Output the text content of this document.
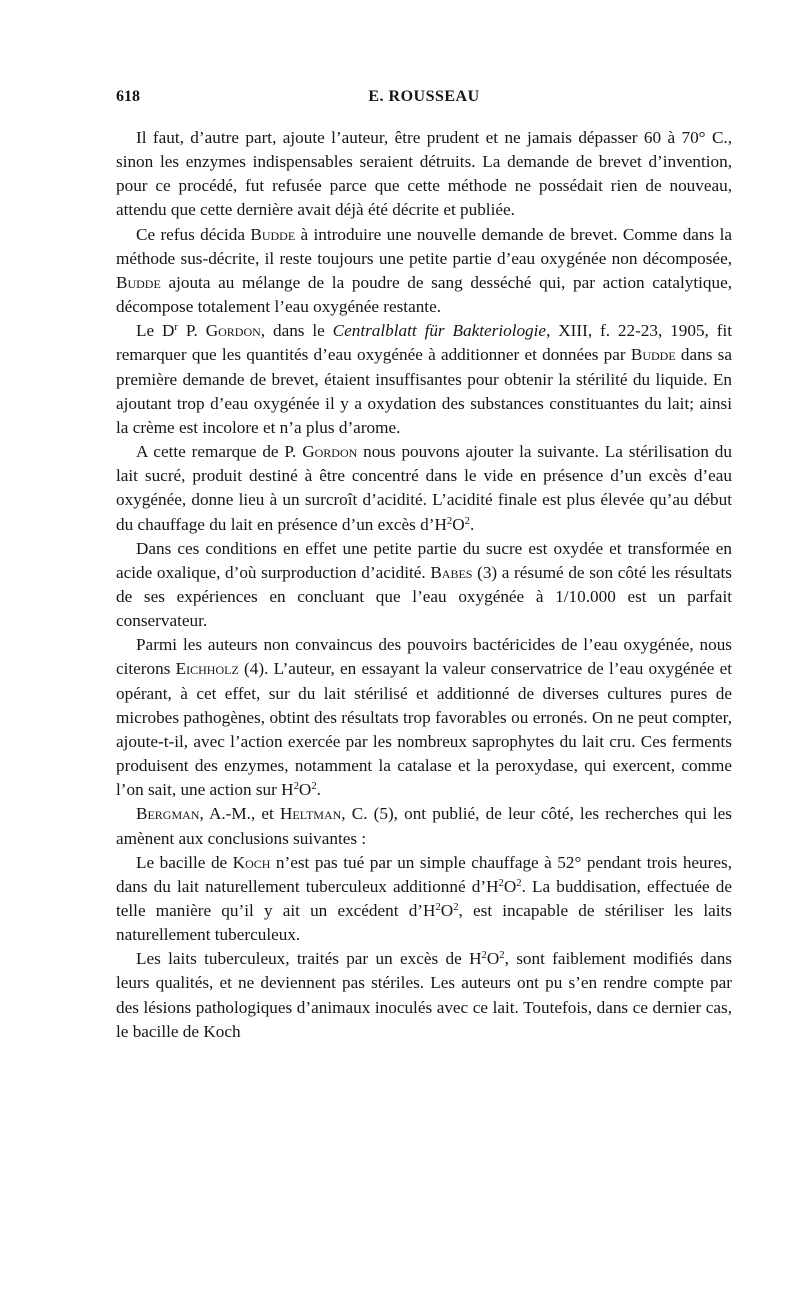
618	E. ROUSSEAU

Il faut, d’autre part, ajoute l’auteur, être prudent et ne jamais dépasser 60 à 70° C., sinon les enzymes indispensables seraient détruits. La demande de brevet d’invention, pour ce procédé, fut refusée parce que cette méthode ne possédait rien de nouveau, attendu que cette dernière avait déjà été décrite et publiée.

Ce refus décida Budde à introduire une nouvelle demande de brevet. Comme dans la méthode sus-décrite, il reste toujours une petite partie d’eau oxygénée non décomposée, Budde ajouta au mélange de la poudre de sang desséché qui, par action catalytique, décompose totalement l’eau oxygénée restante.

Le $D^r$ P. Gordon, dans le Centralblatt für Bakteriologie, XIII, f. 22-23, 1905, fit remarquer que les quantités d’eau oxygénée à additionner et données par Budde dans sa première demande de brevet, étaient insuffisantes pour obtenir la stérilité du liquide. En ajoutant trop d’eau oxygénée il y a oxydation des substances constituantes du lait; ainsi la crème est incolore et n’a plus d’arome.

A cette remarque de P. Gordon nous pouvons ajouter la suivante. La stérilisation du lait sucré, produit destiné à être concentré dans le vide en présence d’un excès d’eau oxygénée, donne lieu à un surcroît d’acidité. L’acidité finale est plus élevée qu’au début du chauffage du lait en présence d’un excès $d’H^2O^2$.

Dans ces conditions en effet une petite partie du sucre est oxydée et transformée en acide oxalique, d’où surproduction d’acidité. Babes (3) a résumé de son côté les résultats de ses expériences en concluant que l’eau oxygénée à 1/10.000 est un parfait conservateur.

Parmi les auteurs non convaincus des pouvoirs bactéricides de l’eau oxygénée, nous citerons Eichholz (4). L’auteur, en essayant la valeur conservatrice de l’eau oxygénée et opérant, à cet effet, sur du lait stérilisé et additionné de diverses cultures pures de microbes pathogènes, obtint des résultats trop favorables ou erronés. On ne peut compter, ajoute-t-il, avec l’action exercée par les nombreux saprophytes du lait cru. Ces ferments produisent des enzymes, notamment la catalase et la peroxydase, qui exercent, comme l’on sait, une action sur $H^2O^2$.

Bergman, A.-M., et Heltman, C. (5), ont publié, de leur côté, les recherches qui les amènent aux conclusions suivantes :

Le bacille de Koch n’est pas tué par un simple chauffage à 52° pendant trois heures, dans du lait naturellement tuberculeux additionné $d’H^2O^2$. La buddisation, effectuée de telle manière qu’il y ait un excédent $d’H^2O^2$, est incapable de stériliser les laits naturellement tuberculeux.

Les laits tuberculeux, traités par un excès de $H^2O^2$, sont faiblement modifiés dans leurs qualités, et ne deviennent pas stériles. Les auteurs ont pu s’en rendre compte par des lésions pathologiques d’animaux inoculés avec ce lait. Toutefois, dans ce dernier cas, le bacille de Koch
